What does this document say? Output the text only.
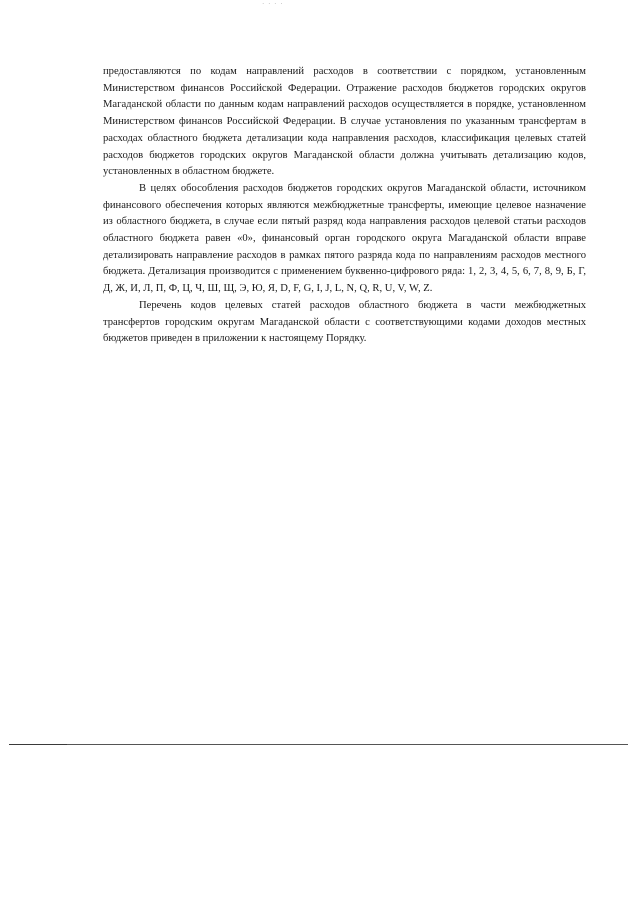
· · · ·

предоставляются по кодам направлений расходов в соответствии с порядком, установленным Министерством финансов Российской Федерации. Отражение расходов бюджетов городских округов Магаданской области по данным кодам направлений расходов осуществляется в порядке, установленном Министерством финансов Российской Федерации. В случае установления по указанным трансфертам в расходах областного бюджета детализации кода направления расходов, классификация целевых статей расходов бюджетов городских округов Магаданской области должна учитывать детализацию кодов, установленных в областном бюджете.

В целях обособления расходов бюджетов городских округов Магаданской области, источником финансового обеспечения которых являются межбюджетные трансферты, имеющие целевое назначение из областного бюджета, в случае если пятый разряд кода направления расходов целевой статьи расходов областного бюджета равен «0», финансовый орган городского округа Магаданской области вправе детализировать направление расходов в рамках пятого разряда кода по направлениям расходов местного бюджета. Детализация производится с применением буквенно-цифрового ряда: 1, 2, 3, 4, 5, 6, 7, 8, 9, Б, Г, Д, Ж, И, Л, П, Ф, Ц, Ч, Ш, Щ, Э, Ю, Я, D, F, G, I, J, L, N, Q, R, U, V, W, Z.

Перечень кодов целевых статей расходов областного бюджета в части межбюджетных трансфертов городским округам Магаданской области с соответствующими кодами доходов местных бюджетов приведен в приложении к настоящему Порядку.
